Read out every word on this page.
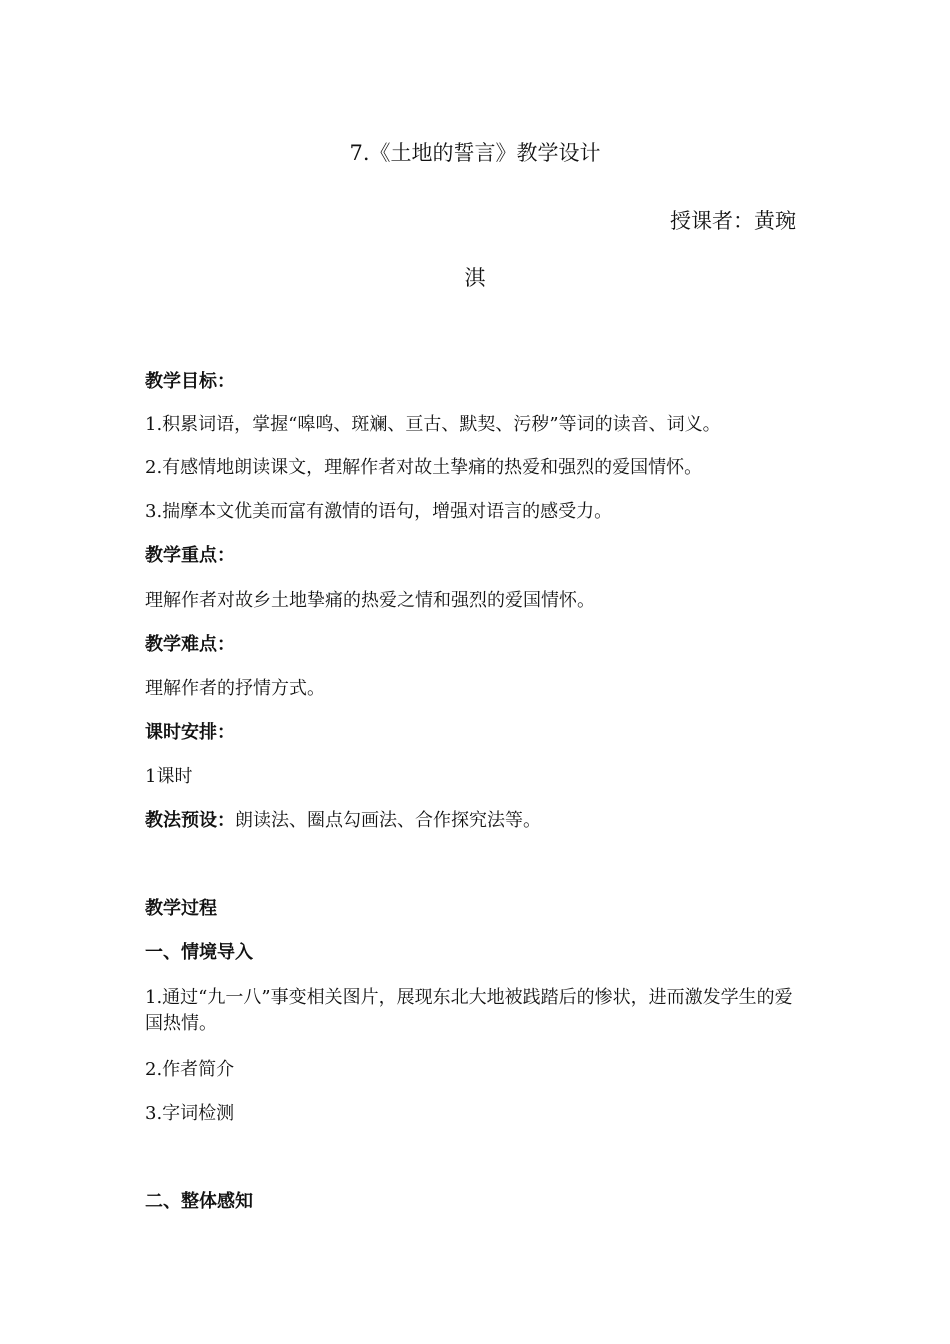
7.《土地的誓言》教学设计
授课者：黄琬
淇
教学目标：
1.积累词语，掌握“嗥鸣、斑斓、亘古、默契、污秽”等词的读音、词义。
2.有感情地朗读课文，理解作者对故土挚痛的热爱和强烈的爱国情怀。
3.揣摩本文优美而富有激情的语句，增强对语言的感受力。
教学重点：
理解作者对故乡土地挚痛的热爱之情和强烈的爱国情怀。
教学难点：
理解作者的抒情方式。
课时安排：
1课时
教法预设：朗读法、圈点勾画法、合作探究法等。
教学过程
一、情境导入
1.通过“九一八”事变相关图片，展现东北大地被践踏后的惨状，进而激发学生的爱国热情。
2.作者简介
3.字词检测
二、整体感知
